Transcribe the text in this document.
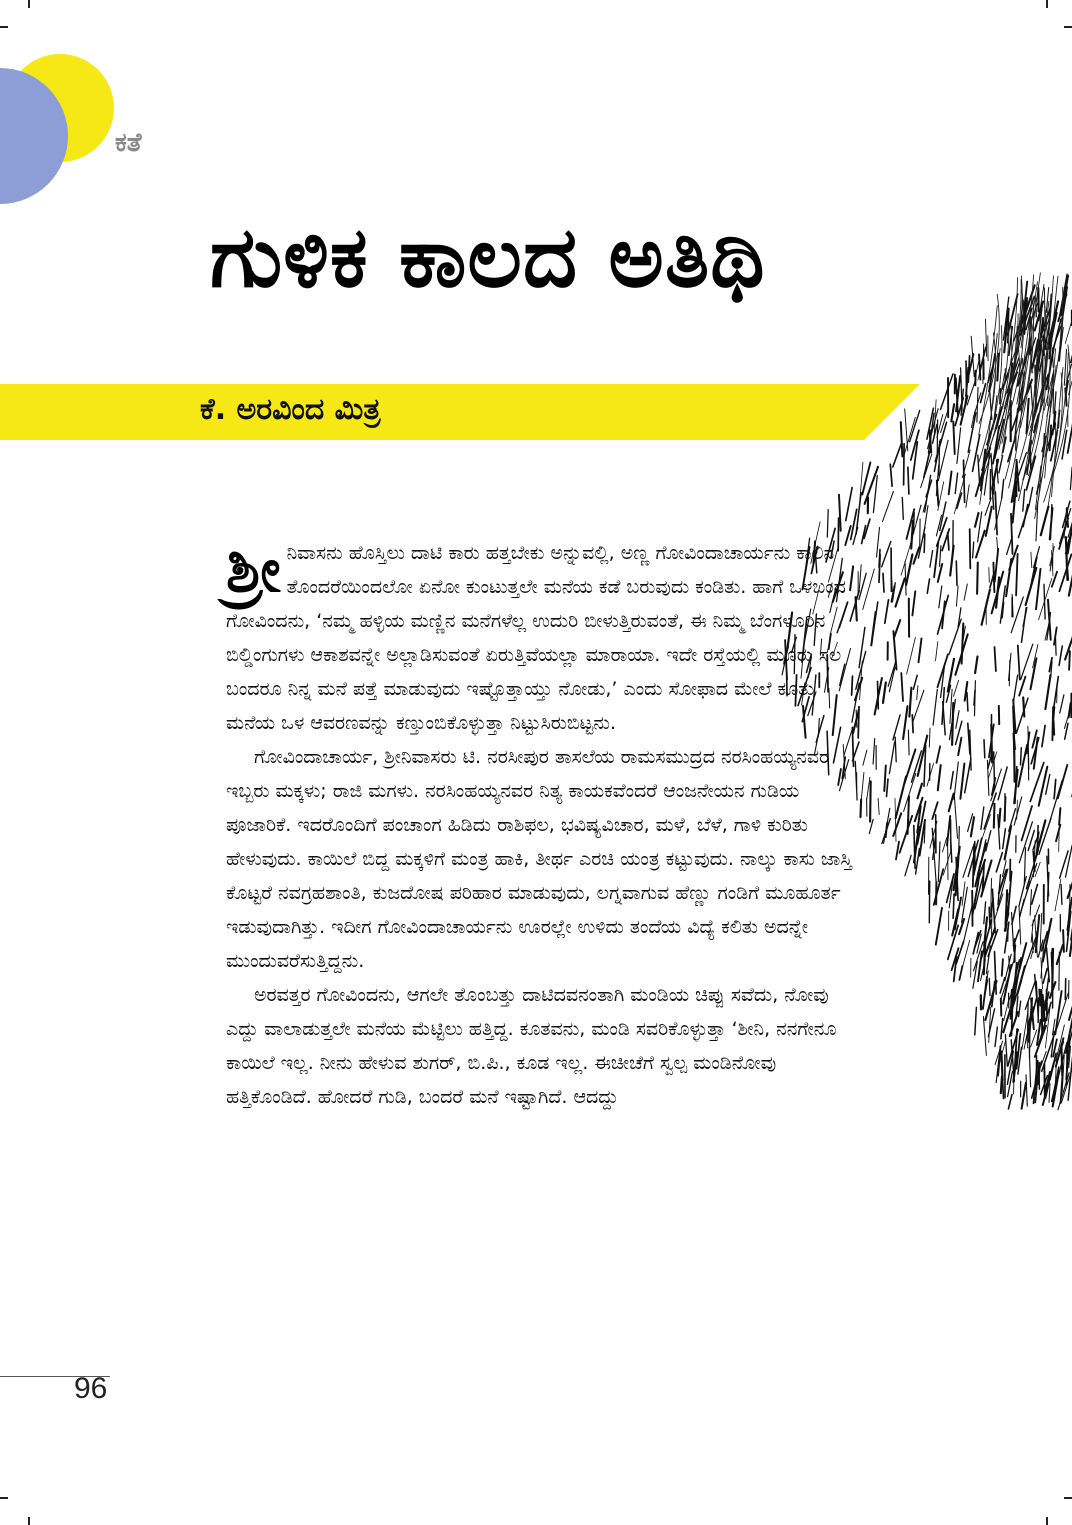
ಕತೆ
ಗುಳಿಕ ಕಾಲದ ಅತಿಥಿ
ಕೆ. ಅರವಿಂದ ಮಿತ್ರ

ಶ್ರೀ ನಿವಾಸನು ಹೊಸ್ತಿಲು ದಾಟಿ ಕಾರು ಹತ್ತಬೇಕು ಅನ್ನುವಲ್ಲಿ, ಅಣ್ಣ ಗೋವಿಂದಾಚಾರ್ಯನು ಕಾಲಿನ ತೊಂದರೆಯಿಂದಲೋ ಏನೋ ಕುಂಟುತ್ತಲೇ ಮನೆಯ ಕಡೆ ಬರುವುದು ಕಂಡಿತು. ಹಾಗೆ ಒಳಬಂದ ಗೋವಿಂದನು, ‘ನಮ್ಮ ಹಳ್ಳಿಯ ಮಣ್ಣಿನ ಮನೆಗಳೆಲ್ಲ ಉದುರಿ ಬೀಳುತ್ತಿರುವಂತೆ, ಈ ನಿಮ್ಮ ಬೆಂಗಳೂರಿನ ಬಿಲ್ಡಿಂಗುಗಳು ಆಕಾಶವನ್ನೇ ಅಲ್ಲಾಡಿಸುವಂತೆ ಏರುತ್ತಿವೆಯಲ್ಲಾ ಮಾರಾಯಾ. ಇದೇ ರಸ್ತೆಯಲ್ಲಿ ಮೂರು ಸಲ ಬಂದರೂ ನಿನ್ನ ಮನೆ ಪತ್ತೆ ಮಾಡುವುದು ಇಷ್ಟೊತ್ತಾಯ್ತು ನೋಡು,’ ಎಂದು ಸೋಫಾದ ಮೇಲೆ ಕೂತು ಮನೆಯ ಒಳ ಆವರಣವನ್ನು ಕಣ್ತುಂಬಿಕೊಳ್ಳುತ್ತಾ ನಿಟ್ಟುಸಿರುಬಿಟ್ಟನು.

ಗೋವಿಂದಾಚಾರ್ಯ, ಶ್ರೀನಿವಾಸರು ಟಿ. ನರಸೀಪುರ ತಾಸಲೆಯ ರಾಮಸಮುದ್ರದ ನರಸಿಂಹಯ್ಯನವರ ಇಬ್ಬರು ಮಕ್ಕಳು; ರಾಜಿ ಮಗಳು. ನರಸಿಂಹಯ್ಯನವರ ನಿತ್ಯ ಕಾಯಕವೆಂದರೆ ಆಂಜನೇಯನ ಗುಡಿಯ ಪೂಜಾರಿಕೆ. ಇದರೊಂದಿಗೆ ಪಂಚಾಂಗ ಹಿಡಿದು ರಾಶಿಫಲ, ಭವಿಷ್ಯವಿಚಾರ, ಮಳೆ, ಬೆಳೆ, ಗಾಳಿ ಕುರಿತು ಹೇಳುವುದು. ಕಾಯಿಲೆ ಬಿದ್ದ ಮಕ್ಕಳಿಗೆ ಮಂತ್ರ ಹಾಕಿ, ತೀರ್ಥ ಎರಚಿ ಯಂತ್ರ ಕಟ್ಟುವುದು. ನಾಲ್ಕು ಕಾಸು ಜಾಸ್ತಿ ಕೊಟ್ಟರೆ ನವಗ್ರಹಶಾಂತಿ, ಕುಜದೋಷ ಪರಿಹಾರ ಮಾಡುವುದು, ಲಗ್ನವಾಗುವ ಹೆಣ್ಣು ಗಂಡಿಗೆ ಮೂಹೂರ್ತ ಇಡುವುದಾಗಿತ್ತು. ಇದೀಗ ಗೋವಿಂದಾಚಾರ್ಯನು ಊರಲ್ಲೇ ಉಳಿದು ತಂದೆಯ ವಿದ್ಯೆ ಕಲಿತು ಅದನ್ನೇ ಮುಂದುವರೆಸುತ್ತಿದ್ದನು.

ಅರವತ್ತರ ಗೋವಿಂದನು, ಆಗಲೇ ತೊಂಬತ್ತು ದಾಟಿದವನಂತಾಗಿ ಮಂಡಿಯ ಚಿಪ್ಪು ಸವೆದು, ನೋವು ಎದ್ದು ವಾಲಾಡುತ್ತಲೇ ಮನೆಯ ಮೆಟ್ಟಿಲು ಹತ್ತಿದ್ದ. ಕೂತವನು, ಮಂಡಿ ಸವರಿಕೊಳ್ಳುತ್ತಾ ‘ಶೀನಿ, ನನಗೇನೂ ಕಾಯಿಲೆ ಇಲ್ಲ. ನೀನು ಹೇಳುವ ಶುಗರ್, ಬಿ.ಪಿ., ಕೂಡ ಇಲ್ಲ. ಈಚೀಚೆಗೆ ಸ್ವಲ್ಪ ಮಂಡಿನೋವು ಹತ್ತಿಕೊಂಡಿದೆ. ಹೋದರೆ ಗುಡಿ, ಬಂದರೆ ಮನೆ ಇಷ್ಟಾಗಿದೆ. ಆದದ್ದು

96
